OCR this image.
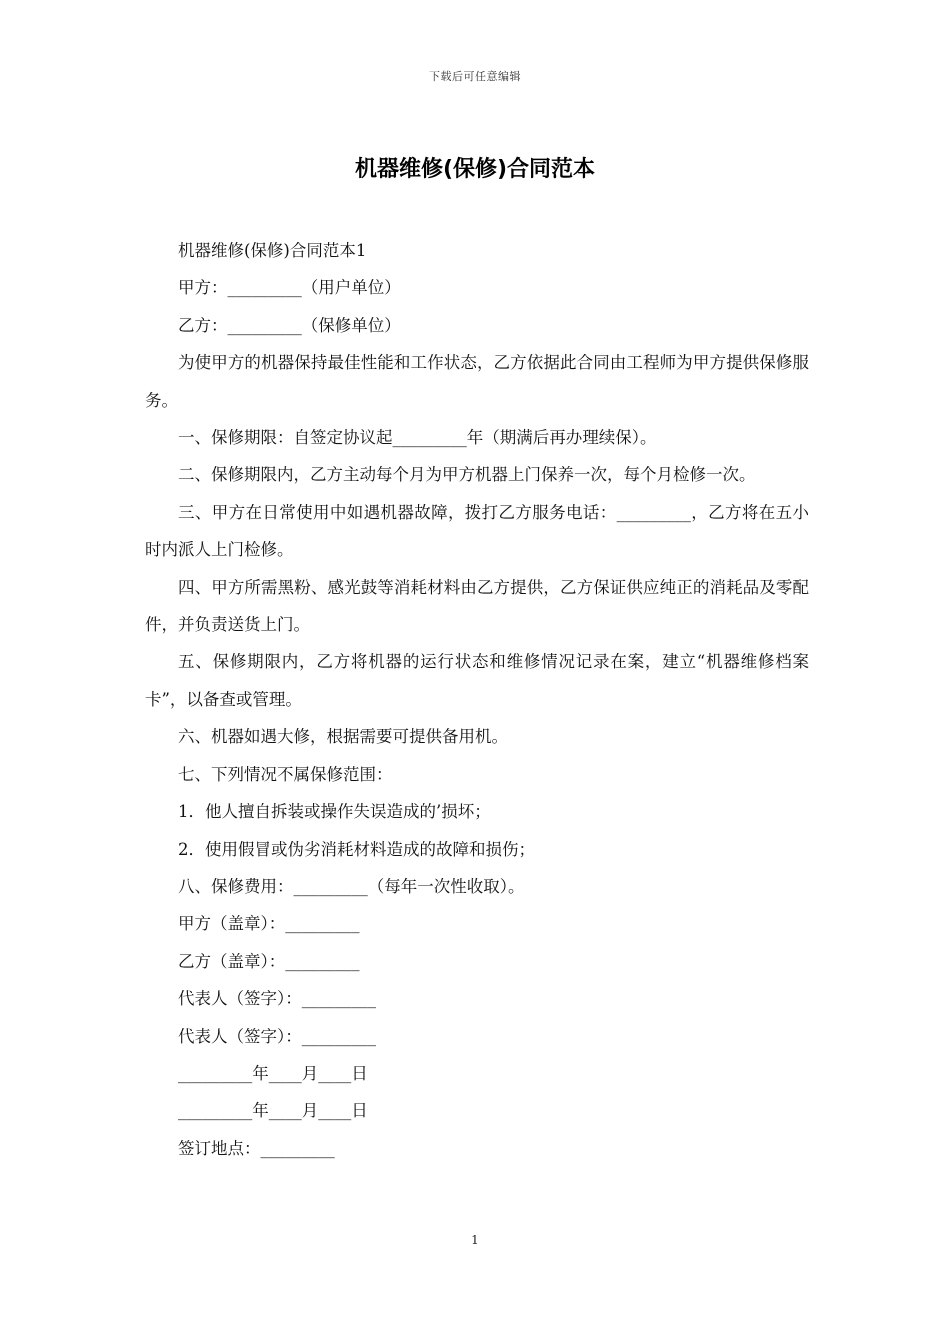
下载后可任意编辑
机器维修(保修)合同范本

机器维修(保修)合同范本1

甲方：_________（用户单位）

乙方：_________（保修单位）

为使甲方的机器保持最佳性能和工作状态，乙方依据此合同由工程师为甲方提供保修服务。

一、保修期限：自签定协议起_________年（期满后再办理续保）。

二、保修期限内，乙方主动每个月为甲方机器上门保养一次，每个月检修一次。

三、甲方在日常使用中如遇机器故障，拨打乙方服务电话：_________，乙方将在五小时内派人上门检修。

四、甲方所需黑粉、感光鼓等消耗材料由乙方提供，乙方保证供应纯正的消耗品及零配件，并负责送货上门。

五、保修期限内，乙方将机器的运行状态和维修情况记录在案，建立“机器维修档案卡”，以备查或管理。

六、机器如遇大修，根据需要可提供备用机。

七、下列情况不属保修范围：

1．他人擅自拆装或操作失误造成的’损坏；

2．使用假冒或伪劣消耗材料造成的故障和损伤；

八、保修费用：_________（每年一次性收取）。

甲方（盖章）：_________

乙方（盖章）：_________

代表人（签字）：_________

代表人（签字）：_________

_________年____月____日

_________年____月____日

签订地点：_________

1
